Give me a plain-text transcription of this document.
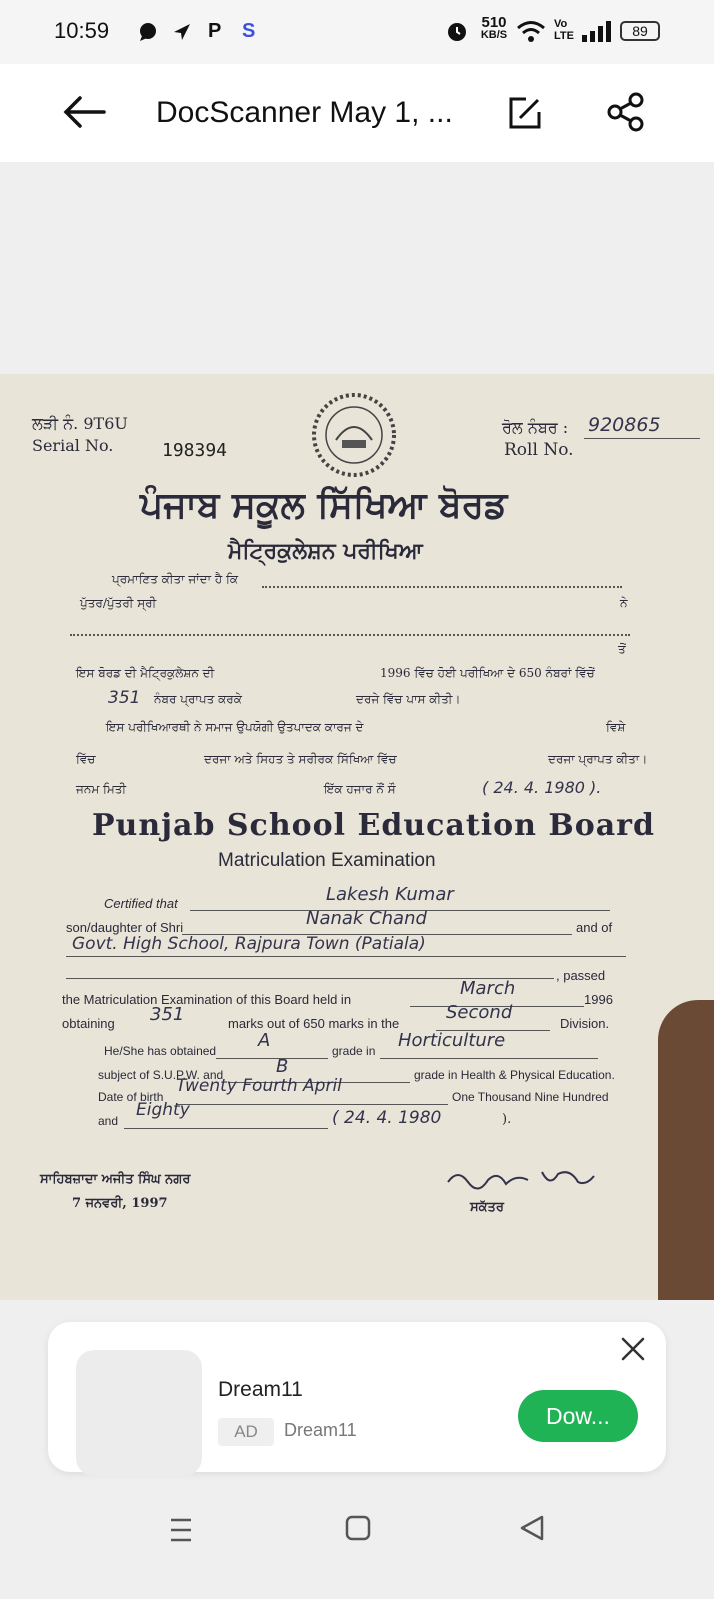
10:59	P S	510
KB/S
Vo
LTE	89
DocScanner May 1, ...
ਲੜੀ ਨੰ. 9T6U
Serial No.	198394
ਰੋਲ ਨੰਬਰ : 920865
Roll No.
ਪੰਜਾਬ ਸਕੂਲ ਸਿੱਖਿਆ ਬੋਰਡ
ਮੈਟ੍ਰਿਕੁਲੇਸ਼ਨ ਪਰੀਖਿਆ
ਪ੍ਰਮਾਣਿਤ ਕੀਤਾ ਜਾਂਦਾ ਹੈ ਕਿ
ਪੁੱਤਰ/ਪੁੱਤਰੀ ਸ੍ਰੀ	ਨੇ
ਤੋਂ
ਇਸ ਬੋਰਡ ਦੀ ਮੈਟ੍ਰਿਕੁਲੇਸ਼ਨ ਦੀ	1996 ਵਿੱਚ ਹੋਈ ਪਰੀਖਿਆ ਦੇ 650 ਨੰਬਰਾਂ ਵਿੱਚੋਂ
351 ਨੰਬਰ ਪ੍ਰਾਪਤ ਕਰਕੇ	ਦਰਜੇ ਵਿੱਚ ਪਾਸ ਕੀਤੀ।
ਇਸ ਪਰੀਖਿਆਰਥੀ ਨੇ ਸਮਾਜ ਉਪਯੋਗੀ ਉਤਪਾਦਕ ਕਾਰਜ ਦੇ	ਵਿਸ਼ੇ
ਵਿੱਚ	ਦਰਜਾ ਅਤੇ ਸਿਹਤ ਤੇ ਸਰੀਰਕ ਸਿੱਖਿਆ ਵਿੱਚ	ਦਰਜਾ ਪ੍ਰਾਪਤ ਕੀਤਾ।
ਜਨਮ ਮਿਤੀ	ਇੱਕ ਹਜਾਰ ਨੌਂ ਸੌ	( 24. 4. 1980 ).
Punjab School Education Board
Matriculation Examination
Certified that	Lakesh Kumar
son/daughter of Shri	Nanak Chand	and of
Govt. High School, Rajpura Town (Patiala)
, passed
the Matriculation Examination of this Board held in
March
1996
obtaining 351	marks out of 650 marks in the
Second
Division.
He/She has obtained A	grade in Horticulture
subject of S.U.P.W. and	B	grade in Health & Physical Education.
Date of birth
Twenty Fourth April
One Thousand Nine Hundred
and
Eighty	( 24. 4. 1980	).
ਸਾਹਿਬਜ਼ਾਦਾ ਅਜੀਤ ਸਿੰਘ ਨਗਰ
7 ਜਨਵਰੀ, 1997	ਸਕੱਤਰ
Dream11
AD	Dream11
Dow...
